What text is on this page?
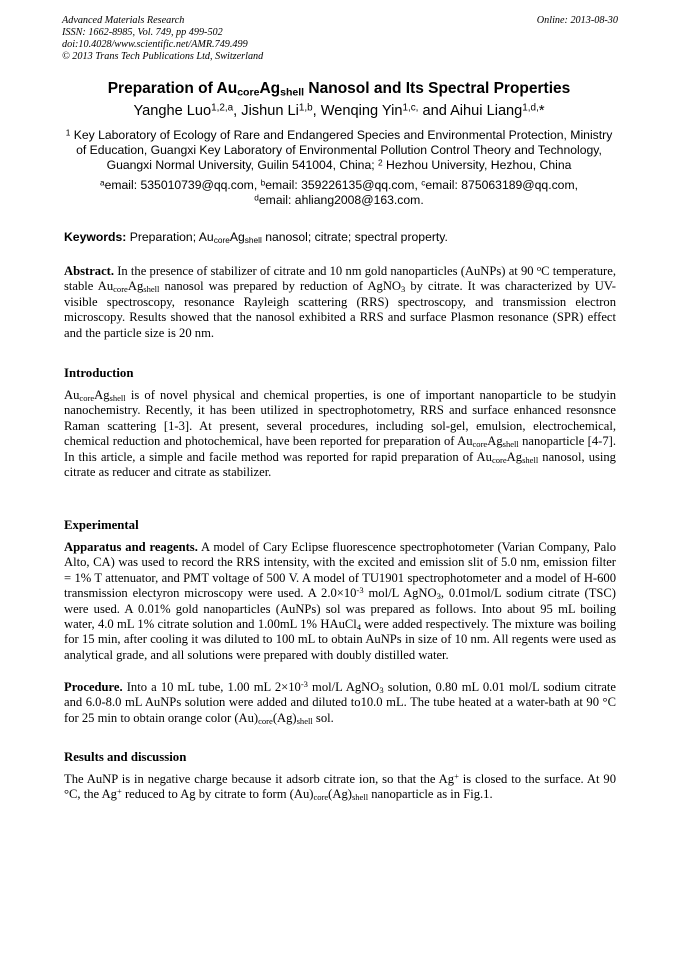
Advanced Materials Research
ISSN: 1662-8985, Vol. 749, pp 499-502
doi:10.4028/www.scientific.net/AMR.749.499
© 2013 Trans Tech Publications Ltd, Switzerland
Online: 2013-08-30
Preparation of $Au_{core}Ag_{shell}$ Nanosol and Its Spectral Properties
Yanghe Luo$^{1,2,a}$, Jishun Li$^{1,b}$, Wenqing Yin$^{1,c,}$ and Aihui Liang$^{1,d,}$*
$^1$ Key Laboratory of Ecology of Rare and Endangered Species and Environmental Protection, Ministry of Education, Guangxi Key Laboratory of Environmental Pollution Control Theory and Technology, Guangxi Normal University, Guilin 541004, China; $^2$ Hezhou University, Hezhou, China
$^a$email: 535010739@qq.com, $^b$email: 359226135@qq.com, $^c$email: 875063189@qq.com,
$^d$email: ahliang2008@163.com.
Keywords: Preparation; $Au_{core}Ag_{shell}$ nanosol; citrate; spectral property.
Abstract. In the presence of stabilizer of citrate and 10 nm gold nanoparticles (AuNPs) at 90 $^o$C temperature, stable $Au_{core}Ag_{shell}$ nanosol was prepared by reduction of AgNO$_3$ by citrate. It was characterized by UV-visible spectroscopy, resonance Rayleigh scattering (RRS) spectroscopy, and transmission electron microscopy. Results showed that the nanosol exhibited a RRS and surface Plasmon resonance (SPR) effect and the particle size is 20 nm.
Introduction
$Au_{core}Ag_{shell}$ is of novel physical and chemical properties, is one of important nanoparticle to be studyin nanochemistry. Recently, it has been utilized in spectrophotometry, RRS and surface enhanced resonsnce Raman scattering [1-3]. At present, several procedures, including sol-gel, emulsion, electrochemical, chemical reduction and photochemical, have been reported for preparation of $Au_{core}Ag_{shell}$ nanoparticle [4-7]. In this article, a simple and facile method was reported for rapid preparation of $Au_{core}Ag_{shell}$ nanosol, using citrate as reducer and citrate as stabilizer.
Experimental
Apparatus and reagents. A model of Cary Eclipse fluorescence spectrophotometer (Varian Company, Palo Alto, CA) was used to record the RRS intensity, with the excited and emission slit of 5.0 nm, emission filter = 1% T attenuator, and PMT voltage of 500 V. A model of TU1901 spectrophotometer and a model of H-600 transmission electyron microscopy were used. A $2.0\times 10^{-3}$ mol/L AgNO$_3$, 0.01mol/L sodium citrate (TSC) were used. A 0.01% gold nanoparticles (AuNPs) sol was prepared as follows. Into about 95 mL boiling water, 4.0 mL 1% citrate solution and 1.00mL 1% HAuCl$_4$ were added respectively. The mixture was boiling for 15 min, after cooling it was diluted to 100 mL to obtain AuNPs in size of 10 nm. All regents were used as analytical grade, and all solutions were prepared with doubly distilled water.
Procedure. Into a 10 mL tube, 1.00 mL $2\times 10^{-3}$ mol/L AgNO$_3$ solution, 0.80 mL 0.01 mol/L sodium citrate and 6.0-8.0 mL AuNPs solution were added and diluted to10.0 mL. The tube heated at a water-bath at 90 °C for 25 min to obtain orange color $(Au)_{core}(Ag)_{shell}$ sol.
Results and discussion
The AuNP is in negative charge because it adsorb citrate ion, so that the Ag+ is closed to the surface. At 90 °C, the Ag+ reduced to Ag by citrate to form $(Au)_{core}(Ag)_{shell}$ nanoparticle as in Fig.1.
